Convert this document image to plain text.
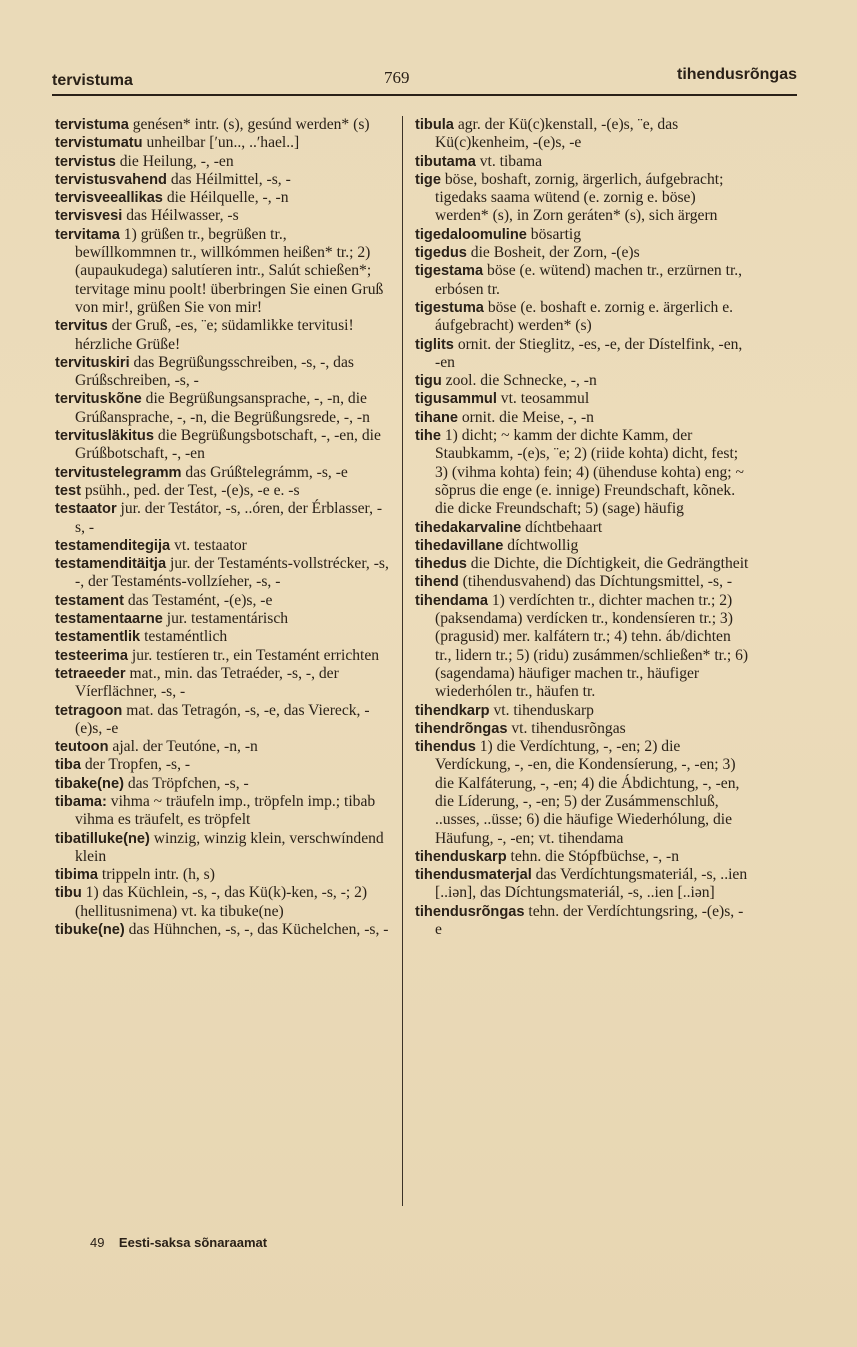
tervistuma	769	tihendusrõngas

tervistuma genésen* intr. (s), gesúnd werden* (s)

tervistumatu unheilbar [ʹun.., ..ʹhael..]

tervistus die Heilung, -, -en

tervistusvahend das Héilmittel, -s, -

tervisveeallikas die Héilquelle, -, -n

tervisvesi das Héilwasser, -s

tervitama 1) grüßen tr., begrüßen tr., bewíllkommnen tr., willkómmen heißen* tr.; 2) (aupaukudega) salutíeren intr., Salút schießen*; tervitage minu poolt! überbringen Sie einen Gruß von mir!, grüßen Sie von mir!

tervitus der Gruß, -es, ¨e; südamlikke tervitusi! hérzliche Grüße!

tervituskiri das Begrüßungsschreiben, -s, -, das Grúßschreiben, -s, -

tervituskõne die Begrüßungsansprache, -, -n, die Grúßansprache, -, -n, die Begrüßungsrede, -, -n

tervitusläkitus die Begrüßungsbotschaft, -, -en, die Grúßbotschaft, -, -en

tervitustelegramm das Grúßtelegrámm, -s, -e

test psühh., ped. der Test, -(e)s, -e e. -s

testaator jur. der Testátor, -s, ..óren, der Érblasser, -s, -

testamenditegija vt. testaator

testamenditäitja jur. der Testaménts-vollstrécker, -s, -, der Testaménts-vollzíeher, -s, -

testament das Testamént, -(e)s, -e

testamentaarne jur. testamentárisch

testamentlik testaméntlich

testeerima jur. testíeren tr., ein Testamént errichten

tetraeeder mat., min. das Tetraéder, -s, -, der Víerflächner, -s, -

tetragoon mat. das Tetragón, -s, -e, das Viereck, -(e)s, -e

teutoon ajal. der Teutóne, -n, -n

tiba der Tropfen, -s, -

tibake(ne) das Tröpfchen, -s, -

tibama: vihma ~ träufeln imp., tröpfeln imp.; tibab vihma es träufelt, es tröpfelt

tibatilluke(ne) winzig, winzig klein, verschwíndend klein

tibima trippeln intr. (h, s)

tibu 1) das Küchlein, -s, -, das Kü(k)-ken, -s, -; 2) (hellitusnimena) vt. ka tibuke(ne)

tibuke(ne) das Hühnchen, -s, -, das Küchelchen, -s, -

tibula agr. der Kü(c)kenstall, -(e)s, ¨e, das Kü(c)kenheim, -(e)s, -e

tibutama vt. tibama

tige böse, boshaft, zornig, ärgerlich, áufgebracht; tigedaks saama wütend (e. zornig e. böse) werden* (s), in Zorn geráten* (s), sich ärgern

tigedaloomuline bösartig

tigedus die Bosheit, der Zorn, -(e)s

tigestama böse (e. wütend) machen tr., erzürnen tr., erbósen tr.

tigestuma böse (e. boshaft e. zornig e. ärgerlich e. áufgebracht) werden* (s)

tiglits ornit. der Stieglitz, -es, -e, der Dístelfink, -en, -en

tigu zool. die Schnecke, -, -n

tigusammul vt. teosammul

tihane ornit. die Meise, -, -n

tihe 1) dicht; ~ kamm der dichte Kamm, der Staubkamm, -(e)s, ¨e; 2) (riide kohta) dicht, fest; 3) (vihma kohta) fein; 4) (ühenduse kohta) eng; ~ sõprus die enge (e. innige) Freundschaft, kõnek. die dicke Freundschaft; 5) (sage) häufig

tihedakarvaline díchtbehaart

tihedavillane díchtwollig

tihedus die Dichte, die Díchtigkeit, die Gedrängtheit

tihend (tihendusvahend) das Díchtungsmittel, -s, -

tihendama 1) verdíchten tr., dichter machen tr.; 2) (paksendama) verdícken tr., kondensíeren tr.; 3) (pragusid) mer. kalfátern tr.; 4) tehn. áb/dichten tr., lidern tr.; 5) (ridu) zusámmen/schließen* tr.; 6) (sagendama) häufiger machen tr., häufiger wiederhólen tr., häufen tr.

tihendkarp vt. tihenduskarp

tihendrõngas vt. tihendusrõngas

tihendus 1) die Verdíchtung, -, -en; 2) die Verdíckung, -, -en, die Kondensíerung, -, -en; 3) die Kalfáterung, -, -en; 4) die Ábdichtung, -, -en, die Líderung, -, -en; 5) der Zusámmenschluß, ..usses, ..üsse; 6) die häufige Wiederhólung, die Häufung, -, -en; vt. tihendama

tihenduskarp tehn. die Stópfbüchse, -, -n

tihendusmaterjal das Verdíchtungsmateriál, -s, ..ien [..iən], das Díchtungsmateriál, -s, ..ien [..iən]

tihendusrõngas tehn. der Verdíchtungsring, -(e)s, -e

49 Eesti-saksa sõnaraamat
